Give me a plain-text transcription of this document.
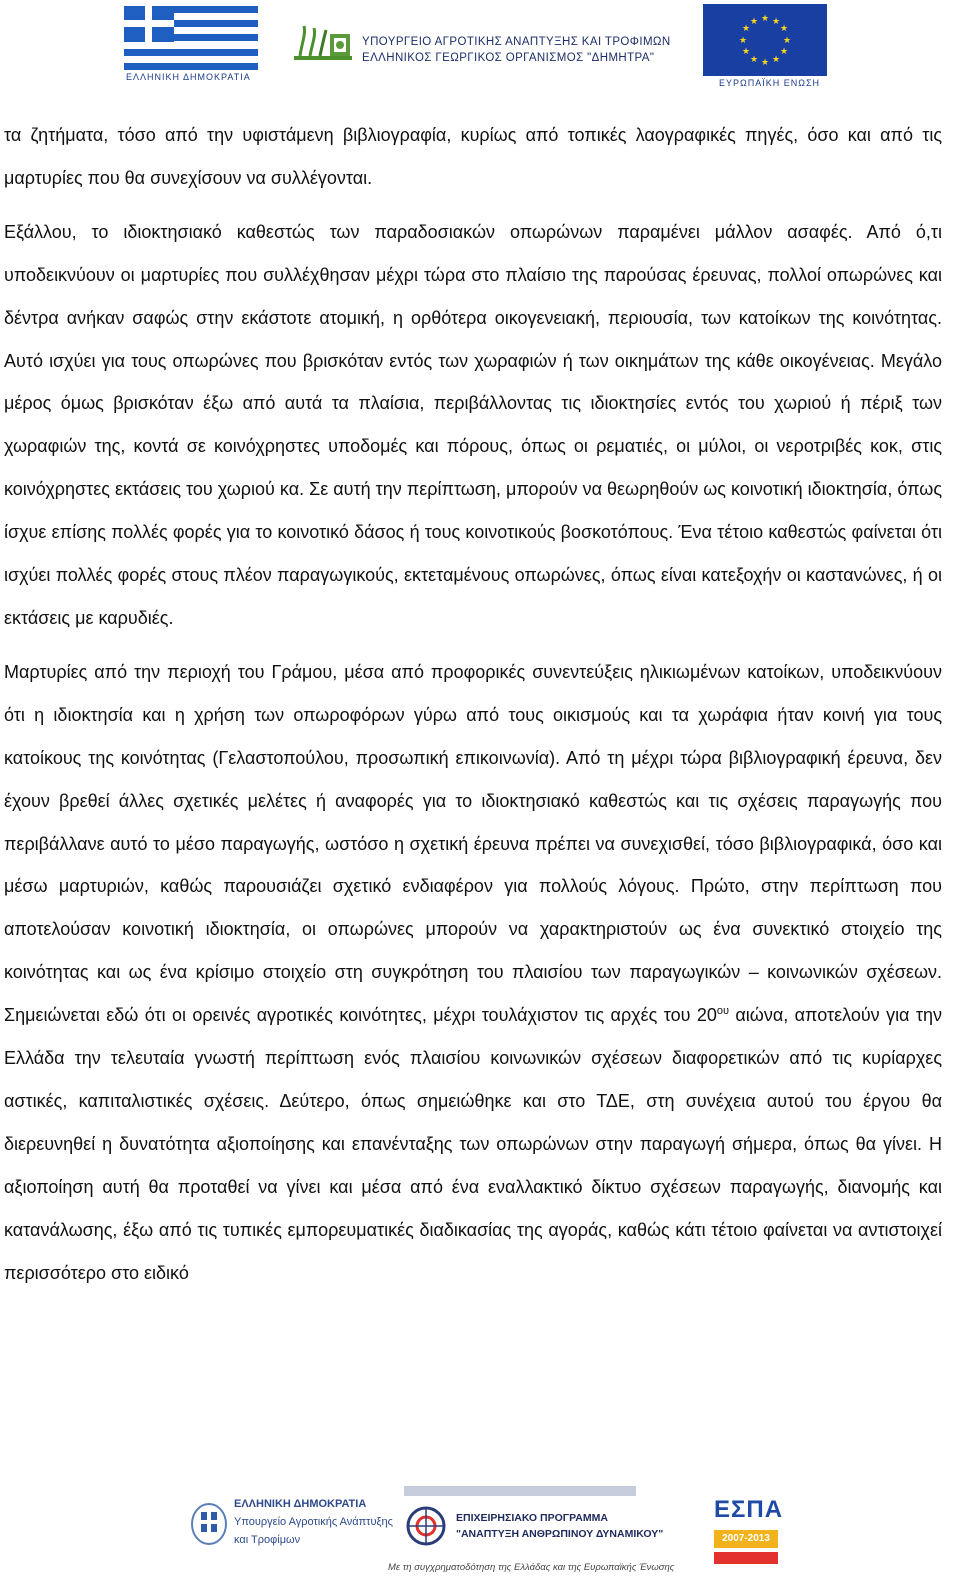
ΕΛΛΗΝΙΚΗ ΔΗΜΟΚΡΑΤΙΑ
ΥΠΟΥΡΓΕΙΟ ΑΓΡΟΤΙΚΗΣ ΑΝΑΠΤΥΞΗΣ ΚΑΙ ΤΡΟΦΙΜΩΝ
ΕΛΛΗΝΙΚΟΣ ΓΕΩΡΓΙΚΟΣ ΟΡΓΑΝΙΣΜΟΣ "ΔΗΜΗΤΡΑ"
★ ★
★
★
★
★
★
★
★
★
★
★
ΕΥΡΩΠΑΪΚΗ ΕΝΩΣΗ

τα ζητήματα, τόσο από την υφιστάμενη βιβλιογραφία, κυρίως από τοπικές λαογραφικές πηγές, όσο και από τις μαρτυρίες που θα συνεχίσουν να συλλέγονται.

Εξάλλου, το ιδιοκτησιακό καθεστώς των παραδοσιακών οπωρώνων παραμένει μάλλον ασαφές. Από ό,τι υποδεικνύουν οι μαρτυρίες που συλλέχθησαν μέχρι τώρα στο πλαίσιο της παρούσας έρευνας, πολλοί οπωρώνες και δέντρα ανήκαν σαφώς στην εκάστοτε ατομική, η ορθότερα οικογενειακή, περιουσία, των κατοίκων της κοινότητας. Αυτό ισχύει για τους οπωρώνες που βρισκόταν εντός των χωραφιών ή των οικημάτων της κάθε οικογένειας. Μεγάλο μέρος όμως βρισκόταν έξω από αυτά τα πλαίσια, περιβάλλοντας τις ιδιοκτησίες εντός του χωριού ή πέριξ των χωραφιών της, κοντά σε κοινόχρηστες υποδομές και πόρους, όπως οι ρεματιές, οι μύλοι, οι νεροτριβές κοκ, στις κοινόχρηστες εκτάσεις του χωριού κα. Σε αυτή την περίπτωση, μπορούν να θεωρηθούν ως κοινοτική ιδιοκτησία, όπως ίσχυε επίσης πολλές φορές για το κοινοτικό δάσος ή τους κοινοτικούς βοσκοτόπους. Ένα τέτοιο καθεστώς φαίνεται ότι ισχύει πολλές φορές στους πλέον παραγωγικούς, εκτεταμένους οπωρώνες, όπως είναι κατεξοχήν οι καστανώνες, ή οι εκτάσεις με καρυδιές.

Μαρτυρίες από την περιοχή του Γράμου, μέσα από προφορικές συνεντεύξεις ηλικιωμένων κατοίκων, υποδεικνύουν ότι η ιδιοκτησία και η χρήση των οπωροφόρων γύρω από τους οικισμούς και τα χωράφια ήταν κοινή για τους κατοίκους της κοινότητας (Γελαστοπούλου, προσωπική επικοινωνία). Από τη μέχρι τώρα βιβλιογραφική έρευνα, δεν έχουν βρεθεί άλλες σχετικές μελέτες ή αναφορές για το ιδιοκτησιακό καθεστώς και τις σχέσεις παραγωγής που περιβάλλανε αυτό το μέσο παραγωγής, ωστόσο η σχετική έρευνα πρέπει να συνεχισθεί, τόσο βιβλιογραφικά, όσο και μέσω μαρτυριών, καθώς παρουσιάζει σχετικό ενδιαφέρον για πολλούς λόγους. Πρώτο, στην περίπτωση που αποτελούσαν κοινοτική ιδιοκτησία, οι οπωρώνες μπορούν να χαρακτηριστούν ως ένα συνεκτικό στοιχείο της κοινότητας και ως ένα κρίσιμο στοιχείο στη συγκρότηση του πλαισίου των παραγωγικών – κοινωνικών σχέσεων. Σημειώνεται εδώ ότι οι ορεινές αγροτικές κοινότητες, μέχρι τουλάχιστον τις αρχές του $20^{o\upsilon}$ αιώνα, αποτελούν για την Ελλάδα την τελευταία γνωστή περίπτωση ενός πλαισίου κοινωνικών σχέσεων διαφορετικών από τις κυρίαρχες αστικές, καπιταλιστικές σχέσεις. Δεύτερο, όπως σημειώθηκε και στο ΤΔΕ, στη συνέχεια αυτού του έργου θα διερευνηθεί η δυνατότητα αξιοποίησης και επανένταξης των οπωρώνων στην παραγωγή σήμερα, όπως θα γίνει. Η αξιοποίηση αυτή θα προταθεί να γίνει και μέσα από ένα εναλλακτικό δίκτυο σχέσεων παραγωγής, διανομής και κατανάλωσης, έξω από τις τυπικές εμπορευματικές διαδικασίας της αγοράς, καθώς κάτι τέτοιο φαίνεται να αντιστοιχεί περισσότερο στο ειδικό

ΕΛΛΗΝΙΚΗ ΔΗΜΟΚΡΑΤΙΑ
Υπουργείο Αγροτικής Ανάπτυξης
και Τροφίμων
ΕΠΙΧΕΙΡΗΣΙΑΚΟ ΠΡΟΓΡΑΜΜΑ
"ΑΝΑΠΤΥΞΗ ΑΝΘΡΩΠΙΝΟΥ ΔΥΝΑΜΙΚΟΥ"
Με τη συγχρηματοδότηση της Ελλάδας και της Ευρωπαϊκής Ένωσης
ΕΣΠΑ
2007-2013
